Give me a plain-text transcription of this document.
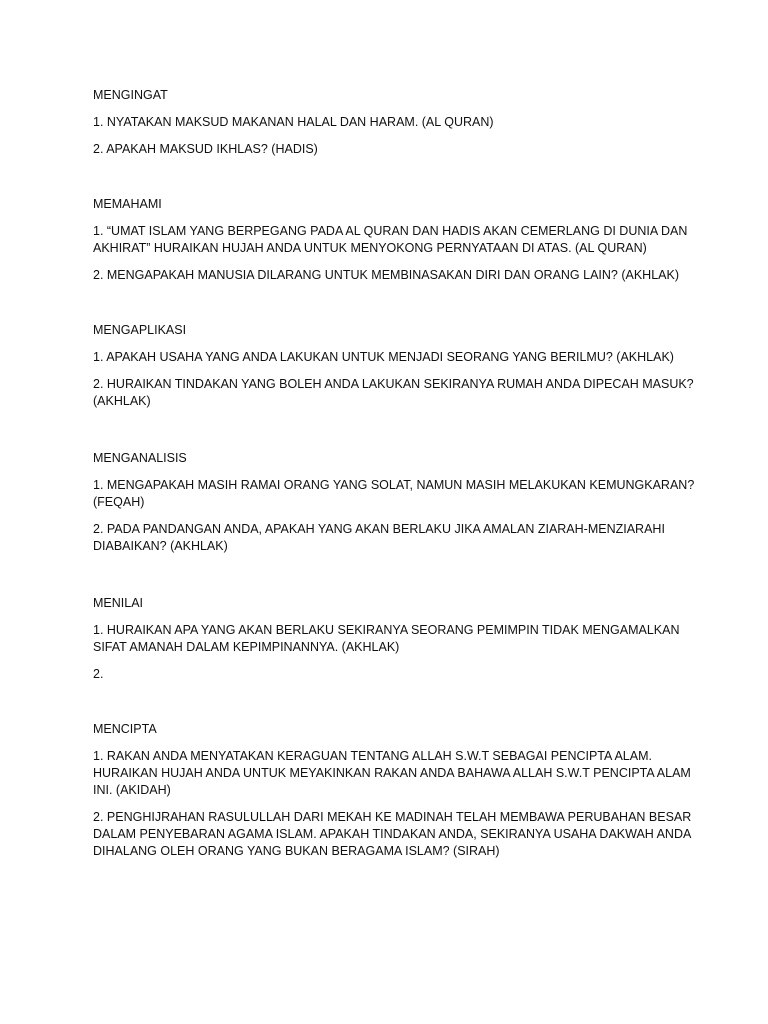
MENGINGAT
1. NYATAKAN MAKSUD MAKANAN HALAL DAN HARAM. (AL QURAN)
2. APAKAH MAKSUD IKHLAS? (HADIS)
MEMAHAMI
1. “UMAT ISLAM YANG BERPEGANG PADA AL QURAN DAN HADIS AKAN CEMERLANG DI DUNIA DAN
AKHIRAT” HURAIKAN HUJAH ANDA UNTUK MENYOKONG PERNYATAAN DI ATAS. (AL QURAN)
2. MENGAPAKAH MANUSIA DILARANG UNTUK MEMBINASAKAN DIRI DAN ORANG LAIN? (AKHLAK)
MENGAPLIKASI
1. APAKAH USAHA YANG ANDA LAKUKAN UNTUK MENJADI SEORANG YANG BERILMU? (AKHLAK)
2. HURAIKAN TINDAKAN YANG BOLEH ANDA LAKUKAN SEKIRANYA RUMAH ANDA DIPECAH MASUK?
(AKHLAK)
MENGANALISIS
1. MENGAPAKAH MASIH RAMAI ORANG YANG SOLAT, NAMUN MASIH MELAKUKAN KEMUNGKARAN?
(FEQAH)
2. PADA PANDANGAN ANDA, APAKAH YANG AKAN BERLAKU JIKA AMALAN ZIARAH-MENZIARAHI
DIABAIKAN? (AKHLAK)
MENILAI
1. HURAIKAN APA YANG AKAN BERLAKU SEKIRANYA SEORANG PEMIMPIN TIDAK MENGAMALKAN
SIFAT AMANAH DALAM KEPIMPINANNYA. (AKHLAK)
2.
MENCIPTA
1. RAKAN ANDA MENYATAKAN KERAGUAN TENTANG ALLAH S.W.T SEBAGAI PENCIPTA ALAM.
HURAIKAN HUJAH ANDA UNTUK MEYAKINKAN RAKAN ANDA BAHAWA ALLAH S.W.T PENCIPTA ALAM
INI. (AKIDAH)
2. PENGHIJRAHAN RASULULLAH DARI MEKAH KE MADINAH TELAH MEMBAWA PERUBAHAN BESAR
DALAM PENYEBARAN AGAMA ISLAM. APAKAH TINDAKAN ANDA, SEKIRANYA USAHA DAKWAH ANDA
DIHALANG OLEH ORANG YANG BUKAN BERAGAMA ISLAM? (SIRAH)
